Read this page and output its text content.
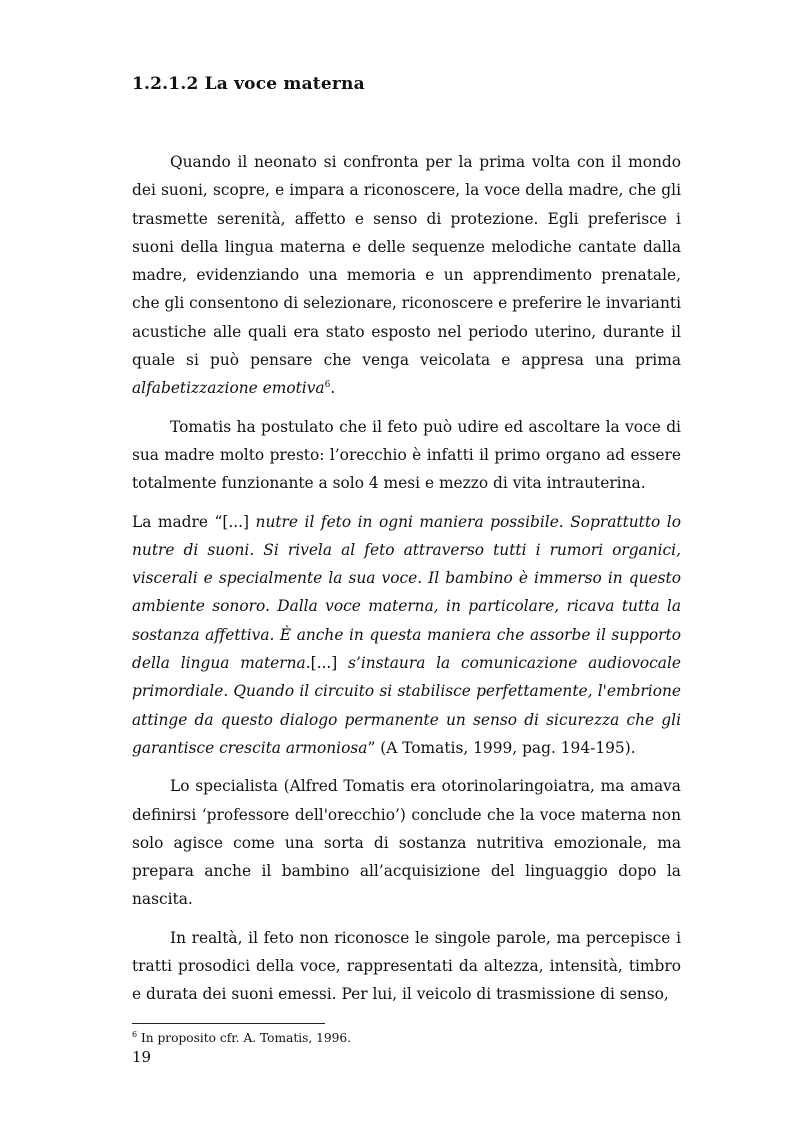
1.2.1.2 La voce materna

Quando il neonato si confronta per la prima volta con il mondo dei suoni, scopre, e impara a riconoscere, la voce della madre, che gli trasmette serenità, affetto e senso di protezione. Egli preferisce i suoni della lingua materna e delle sequenze melodiche cantate dalla madre, evidenziando una memoria e un apprendimento prenatale, che gli consentono di selezionare, riconoscere e preferire le invarianti acustiche alle quali era stato esposto nel periodo uterino, durante il quale si può pensare che venga veicolata e appresa una prima alfabetizzazione emotiva$^6$.

Tomatis ha postulato che il feto può udire ed ascoltare la voce di sua madre molto presto: l’orecchio è infatti il primo organo ad essere totalmente funzionante a solo 4 mesi e mezzo di vita intrauterina.

La madre “[...] nutre il feto in ogni maniera possibile. Soprattutto lo nutre di suoni. Si rivela al feto attraverso tutti i rumori organici, viscerali e specialmente la sua voce. Il bambino è immerso in questo ambiente sonoro. Dalla voce materna, in particolare, ricava tutta la sostanza affettiva. È anche in questa maniera che assorbe il supporto della lingua materna.[...] s’instaura la comunicazione audiovocale primordiale. Quando il circuito si stabilisce perfettamente, l'embrione attinge da questo dialogo permanente un senso di sicurezza che gli garantisce crescita armoniosa” (A Tomatis, 1999, pag. 194-195).

Lo specialista (Alfred Tomatis era otorinolaringoiatra, ma amava definirsi ‘professore dell'orecchio’) conclude che la voce materna non solo agisce come una sorta di sostanza nutritiva emozionale, ma prepara anche il bambino all’acquisizione del linguaggio dopo la nascita.

In realtà, il feto non riconosce le singole parole, ma percepisce i tratti prosodici della voce, rappresentati da altezza, intensità, timbro e durata dei suoni emessi. Per lui, il veicolo di trasmissione di senso,

$^6$ In proposito cfr. A. Tomatis, 1996.
19
